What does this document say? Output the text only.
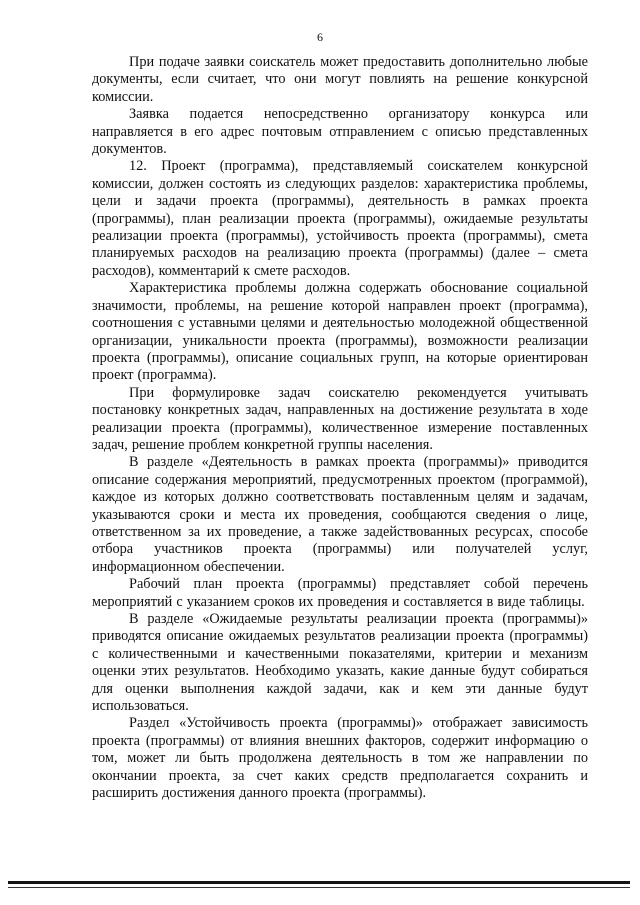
6

При подаче заявки соискатель может предоставить дополнительно любые документы, если считает, что они могут повлиять на решение конкурсной комиссии.

Заявка подается непосредственно организатору конкурса или направляется в его адрес почтовым отправлением с описью представленных документов.

12. Проект (программа), представляемый соискателем конкурсной комиссии, должен состоять из следующих разделов: характеристика проблемы, цели и задачи проекта (программы), деятельность в рамках проекта (программы), план реализации проекта (программы), ожидаемые результаты реализации проекта (программы), устойчивость проекта (программы), смета планируемых расходов на реализацию проекта (программы) (далее – смета расходов), комментарий к смете расходов.

Характеристика проблемы должна содержать обоснование социальной значимости, проблемы, на решение которой направлен проект (программа), соотношения с уставными целями и деятельностью молодежной общественной организации, уникальности проекта (программы), возможности реализации проекта (программы), описание социальных групп, на которые ориентирован проект (программа).

При формулировке задач соискателю рекомендуется учитывать постановку конкретных задач, направленных на достижение результата в ходе реализации проекта (программы), количественное измерение поставленных задач, решение проблем конкретной группы населения.

В разделе «Деятельность в рамках проекта (программы)» приводится описание содержания мероприятий, предусмотренных проектом (программой), каждое из которых должно соответствовать поставленным целям и задачам, указываются сроки и места их проведения, сообщаются сведения о лице, ответственном за их проведение, а также задействованных ресурсах, способе отбора участников проекта (программы) или получателей услуг, информационном обеспечении.

Рабочий план проекта (программы) представляет собой перечень мероприятий с указанием сроков их проведения и составляется в виде таблицы.

В разделе «Ожидаемые результаты реализации проекта (программы)» приводятся описание ожидаемых результатов реализации проекта (программы) с количественными и качественными показателями, критерии и механизм оценки этих результатов. Необходимо указать, какие данные будут собираться для оценки выполнения каждой задачи, как и кем эти данные будут использоваться.

Раздел «Устойчивость проекта (программы)» отображает зависимость проекта (программы) от влияния внешних факторов, содержит информацию о том, может ли быть продолжена деятельность в том же направлении по окончании проекта, за счет каких средств предполагается сохранить и расширить достижения данного проекта (программы).
